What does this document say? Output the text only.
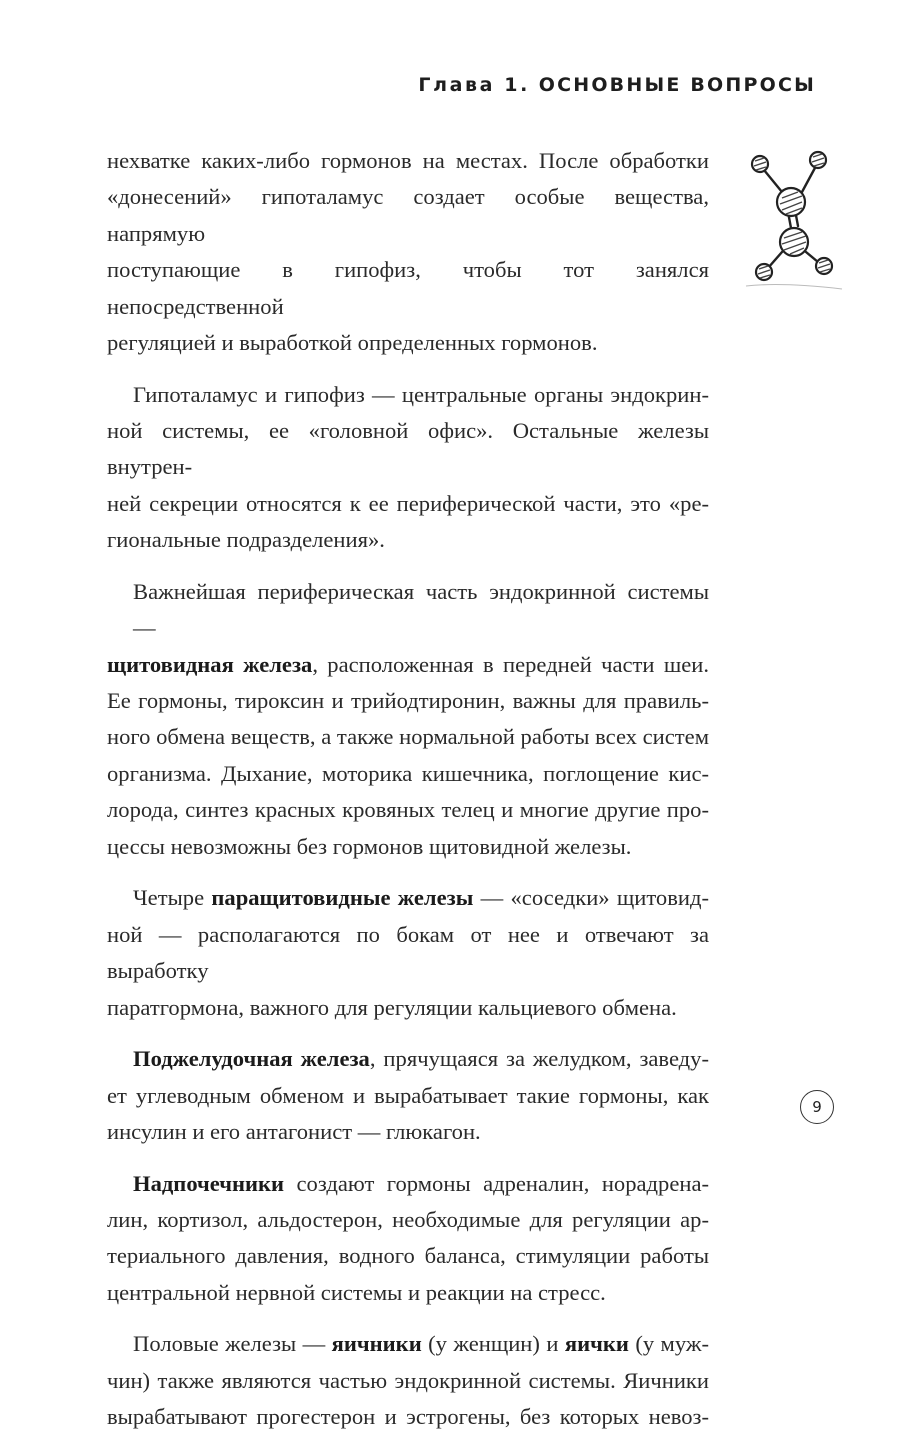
Глава 1. ОСНОВНЫЕ ВОПРОСЫ

нехватке каких-либо гормонов на местах. После обработки
«донесений» гипоталамус создает особые вещества, напрямую
поступающие в гипофиз, чтобы тот занялся непосредственной
регуляцией и выработкой определенных гормонов.

Гипоталамус и гипофиз — центральные органы эндокрин-
ной системы, ее «головной офис». Остальные железы внутрен-
ней секреции относятся к ее периферической части, это «ре-
гиональные подразделения».

Важнейшая периферическая часть эндокринной системы —
щитовидная железа, расположенная в передней части шеи.
Ее гормоны, тироксин и трийодтиронин, важны для правиль-
ного обмена веществ, а также нормальной работы всех систем
организма. Дыхание, моторика кишечника, поглощение кис-
лорода, синтез красных кровяных телец и многие другие про-
цессы невозможны без гормонов щитовидной железы.

Четыре паращитовидные железы — «соседки» щитовид-
ной — располагаются по бокам от нее и отвечают за выработку
паратгормона, важного для регуляции кальциевого обмена.

Поджелудочная железа, прячущаяся за желудком, заведу-
ет углеводным обменом и вырабатывает такие гормоны, как
инсулин и его антагонист — глюкагон.

Надпочечники создают гормоны адреналин, норадрена-
лин, кортизол, альдостерон, необходимые для регуляции ар-
териального давления, водного баланса, стимуляции работы
центральной нервной системы и реакции на стресс.

Половые железы — яичники (у женщин) и яички (у муж-
чин) также являются частью эндокринной системы. Яичники
вырабатывают прогестерон и эстрогены, без которых невоз-

9
